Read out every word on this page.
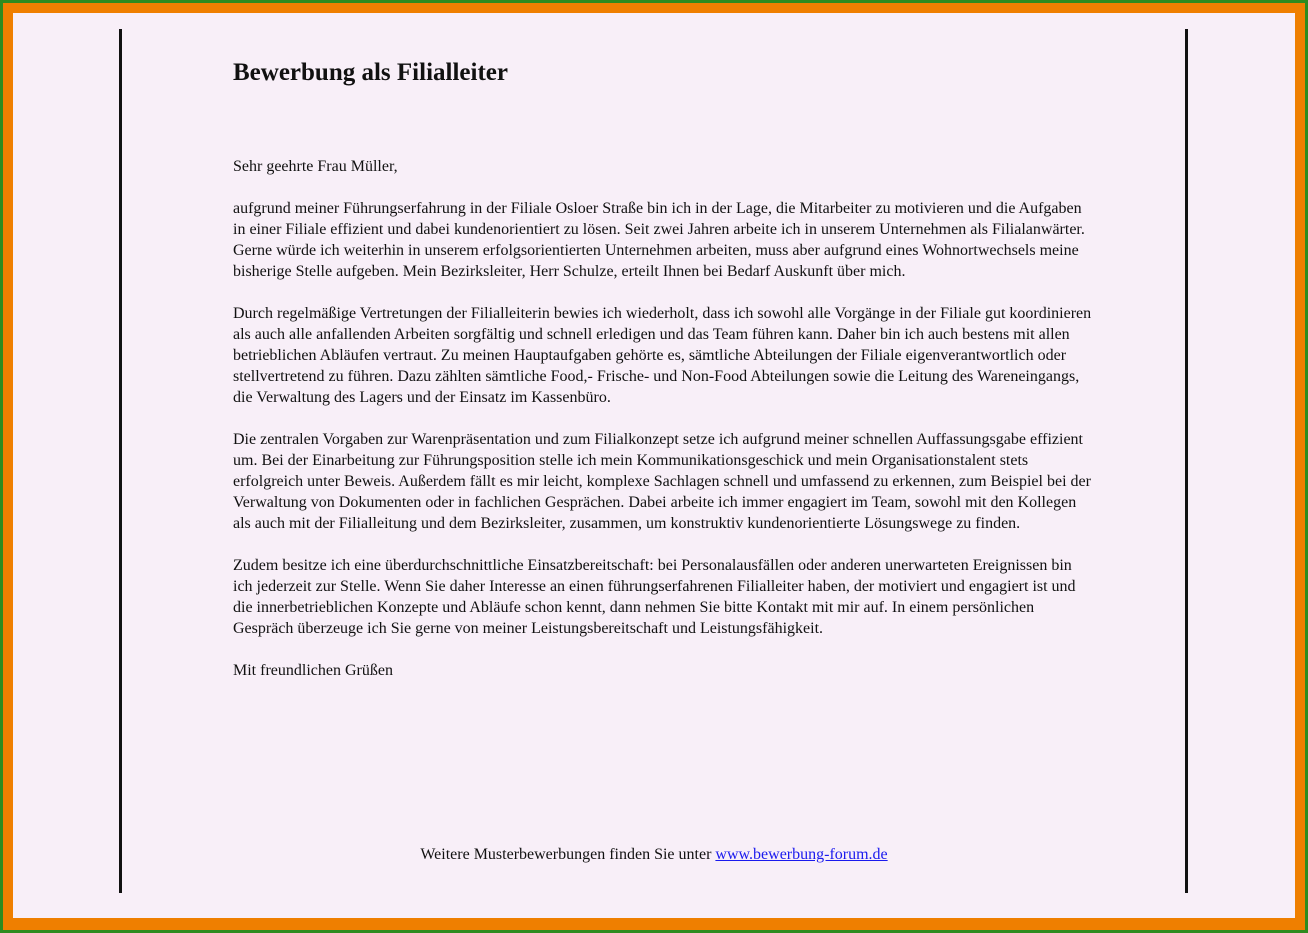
Bewerbung als Filialleiter

Sehr geehrte Frau Müller,

aufgrund meiner Führungserfahrung in der Filiale Osloer Straße bin ich in der Lage, die Mitarbeiter zu motivieren und die Aufgaben in einer Filiale effizient und dabei kundenorientiert zu lösen. Seit zwei Jahren arbeite ich in unserem Unternehmen als Filialanwärter. Gerne würde ich weiterhin in unserem erfolgsorientierten Unternehmen arbeiten, muss aber aufgrund eines Wohnortwechsels meine bisherige Stelle aufgeben. Mein Bezirksleiter, Herr Schulze, erteilt Ihnen bei Bedarf Auskunft über mich.

Durch regelmäßige Vertretungen der Filialleiterin bewies ich wiederholt, dass ich sowohl alle Vorgänge in der Filiale gut koordinieren als auch alle anfallenden Arbeiten sorgfältig und schnell erledigen und das Team führen kann. Daher bin ich auch bestens mit allen betrieblichen Abläufen vertraut. Zu meinen Hauptaufgaben gehörte es, sämtliche Abteilungen der Filiale eigenverantwortlich oder stellvertretend zu führen. Dazu zählten sämtliche Food,- Frische- und Non-Food Abteilungen sowie die Leitung des Wareneingangs, die Verwaltung des Lagers und der Einsatz im Kassenbüro.

Die zentralen Vorgaben zur Warenpräsentation und zum Filialkonzept setze ich aufgrund meiner schnellen Auffassungsgabe effizient um. Bei der Einarbeitung zur Führungsposition stelle ich mein Kommunikationsgeschick und mein Organisationstalent stets erfolgreich unter Beweis. Außerdem fällt es mir leicht, komplexe Sachlagen schnell und umfassend zu erkennen, zum Beispiel bei der Verwaltung von Dokumenten oder in fachlichen Gesprächen. Dabei arbeite ich immer engagiert im Team, sowohl mit den Kollegen als auch mit der Filialleitung und dem Bezirksleiter, zusammen, um konstruktiv kundenorientierte Lösungswege zu finden.

Zudem besitze ich eine überdurchschnittliche Einsatzbereitschaft: bei Personalausfällen oder anderen unerwarteten Ereignissen bin ich jederzeit zur Stelle. Wenn Sie daher Interesse an einen führungserfahrenen Filialleiter haben, der motiviert und engagiert ist und die innerbetrieblichen Konzepte und Abläufe schon kennt, dann nehmen Sie bitte Kontakt mit mir auf. In einem persönlichen Gespräch überzeuge ich Sie gerne von meiner Leistungsbereitschaft und Leistungsfähigkeit.

Mit freundlichen Grüßen

Weitere Musterbewerbungen finden Sie unter www.bewerbung-forum.de
